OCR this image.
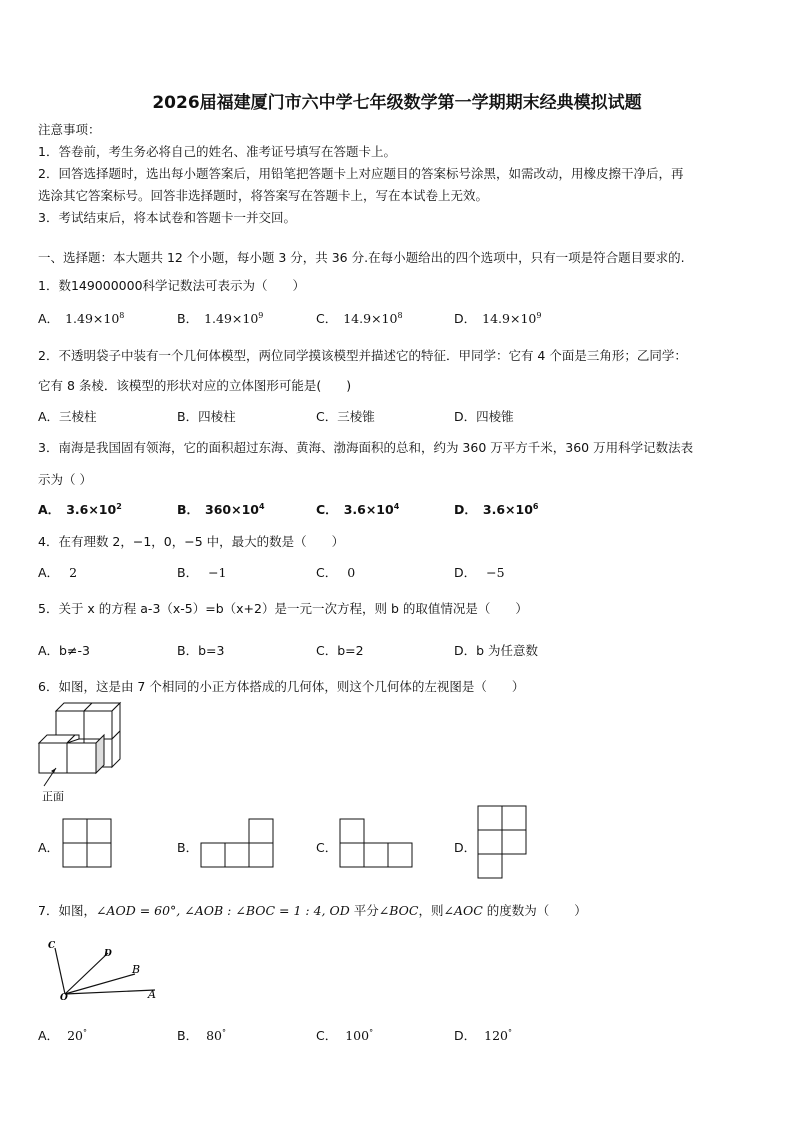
2026届福建厦门市六中学七年级数学第一学期期末经典模拟试题
注意事项：
1．答卷前，考生务必将自己的姓名、准考证号填写在答题卡上。
2．回答选择题时，选出每小题答案后，用铅笔把答题卡上对应题目的答案标号涂黑，如需改动，用橡皮擦干净后，再
选涂其它答案标号。回答非选择题时，将答案写在答题卡上，写在本试卷上无效。
3．考试结束后，将本试卷和答题卡一并交回。
一、选择题：本大题共 12 个小题，每小题 3 分，共 36 分.在每小题给出的四个选项中，只有一项是符合题目要求的.
1．数149000000科学记数法可表示为（　　）
A． $1.49\times 10^8$	B． $1.49\times 10^9$	C． $14.9\times 10^8$	D． $14.9\times 10^9$
2．不透明袋子中装有一个几何体模型，两位同学摸该模型并描述它的特征．甲同学：它有 4 个面是三角形；乙同学：
它有 8 条棱．该模型的形状对应的立体图形可能是(　　)
A．三棱柱	B．四棱柱	C．三棱锥	D．四棱锥
3．南海是我国固有领海，它的面积超过东海、黄海、渤海面积的总和，约为 360 万平方千米，360 万用科学记数法表
示为（ ）
A． $3.6\times 10^2$	B． $360\times 10^4$	C． $3.6\times 10^4$	D． $3.6\times 10^6$
4．在有理数 2，−1，0，−5 中，最大的数是（　　）
A． 2	B． −1	C． 0	D． −5
5．关于 x 的方程 a-3（x-5）=b（x+2）是一元一次方程，则 b 的取值情况是（　　）
A．b≠-3	B．b=3	C．b=2	D．b 为任意数
6．如图，这是由 7 个相同的小正方体搭成的几何体，则这个几何体的左视图是（　　）
正面
A．	B．	C．	D．
7．如图，∠AOD = 60°, ∠AOB : ∠BOC = 1 : 4, OD 平分∠BOC，则∠AOC 的度数为（　　）
C
D
B
A
O
A． 20°	B． 80°	C． 100°	D． 120°
